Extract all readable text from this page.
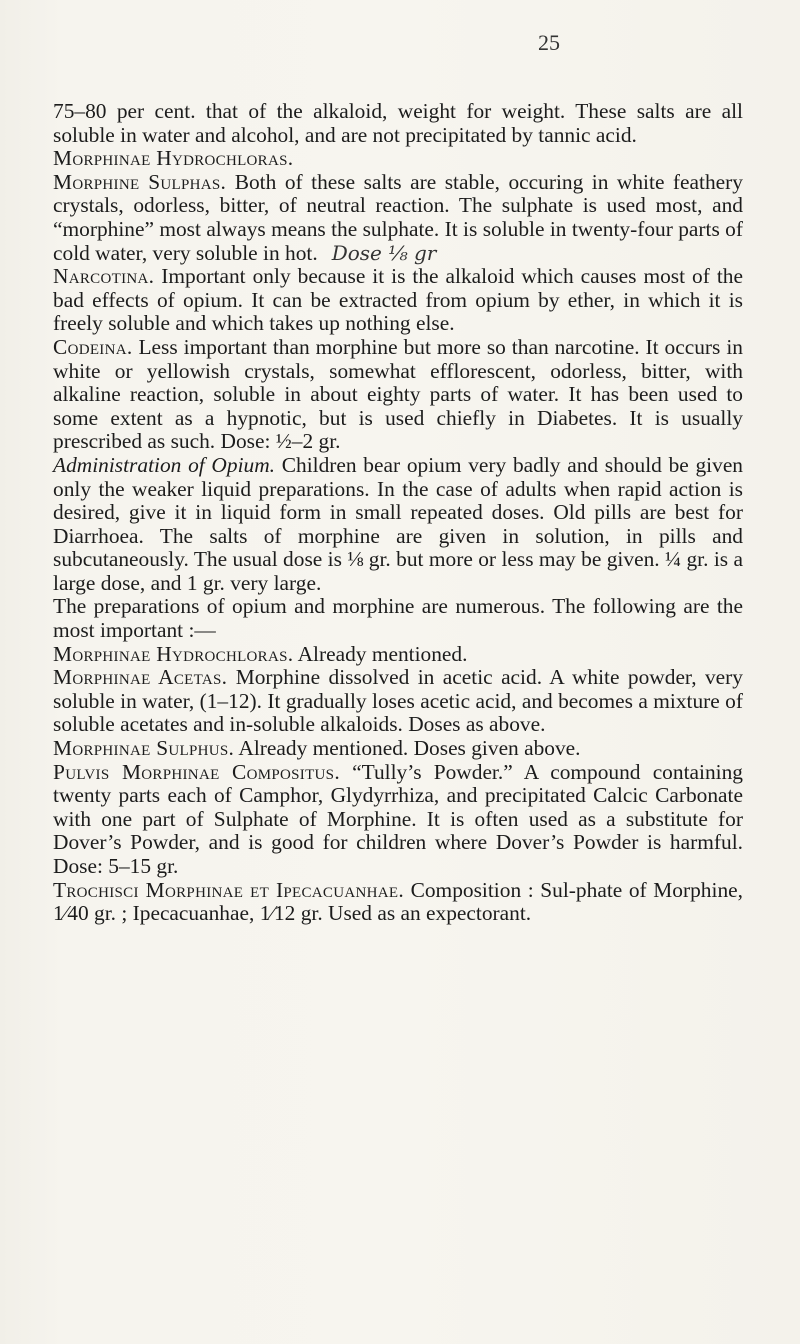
25

75–80 per cent. that of the alkaloid, weight for weight. These salts are all soluble in water and alcohol, and are not precipitated by tannic acid.

Morphinae Hydrochloras.

Morphine Sulphas. Both of these salts are stable, occuring in white feathery crystals, odorless, bitter, of neutral reaction. The sulphate is used most, and “morphine” most always means the sulphate. It is soluble in twenty-four parts of cold water, very soluble in hot. Dose ⅛ gr

Narcotina. Important only because it is the alkaloid which causes most of the bad effects of opium. It can be extracted from opium by ether, in which it is freely soluble and which takes up nothing else.

Codeina. Less important than morphine but more so than narcotine. It occurs in white or yellowish crystals, somewhat efflorescent, odorless, bitter, with alkaline reaction, soluble in about eighty parts of water. It has been used to some extent as a hypnotic, but is used chiefly in Diabetes. It is usually prescribed as such. Dose: ½–2 gr.

Administration of Opium. Children bear opium very badly and should be given only the weaker liquid preparations. In the case of adults when rapid action is desired, give it in liquid form in small repeated doses. Old pills are best for Diarrhoea. The salts of morphine are given in solution, in pills and subcutaneously. The usual dose is ⅛ gr. but more or less may be given. ¼ gr. is a large dose, and 1 gr. very large.

The preparations of opium and morphine are numerous. The following are the most important :—

Morphinae Hydrochloras. Already mentioned.

Morphinae Acetas. Morphine dissolved in acetic acid. A white powder, very soluble in water, (1–12). It gradually loses acetic acid, and becomes a mixture of soluble acetates and in-soluble alkaloids. Doses as above.

Morphinae Sulphus. Already mentioned. Doses given above.

Pulvis Morphinae Compositus. “Tully’s Powder.” A compound containing twenty parts each of Camphor, Glydyrrhiza, and precipitated Calcic Carbonate with one part of Sulphate of Morphine. It is often used as a substitute for Dover’s Powder, and is good for children where Dover’s Powder is harmful. Dose: 5–15 gr.

Trochisci Morphinae et Ipecacuanhae. Composition : Sul-phate of Morphine, 1⁄40 gr. ; Ipecacuanhae, 1⁄12 gr. Used as an expectorant.
